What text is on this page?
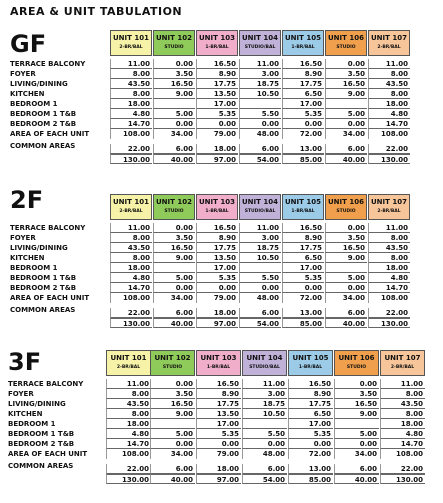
AREA & UNIT TABULATION
GF
TERRACE BALCONY
FOYER
LIVING/DINING
KITCHEN
BEDROOM 1
BEDROOM 1 T&B
BEDROOM 2 T&B
AREA OF EACH UNIT
COMMON AREAS
UNIT 101
2-BR/BAL
11.00
8.00
43.50
8.00
18.00
4.80
14.70
108.00
22.00
130.00
UNIT 102
STUDIO
0.00
3.50
16.50
9.00
5.00
0.00
34.00
6.00
40.00
UNIT 103
1-BR/BAL
16.50
8.90
17.75
13.50
17.00
5.35
0.00
79.00
18.00
97.00
UNIT 104
STUDIO/BAL
11.00
3.00
18.75
10.50
5.50
0.00
48.00
6.00
54.00
UNIT 105
1-BR/BAL
16.50
8.90
17.75
6.50
17.00
5.35
0.00
72.00
13.00
85.00
UNIT 106
STUDIO
0.00
3.50
16.50
9.00
5.00
0.00
34.00
6.00
40.00
UNIT 107
2-BR/BAL
11.00
8.00
43.50
8.00
18.00
4.80
14.70
108.00
22.00
130.00
2F
TERRACE BALCONY
FOYER
LIVING/DINING
KITCHEN
BEDROOM 1
BEDROOM 1 T&B
BEDROOM 2 T&B
AREA OF EACH UNIT
COMMON AREAS
UNIT 101
2-BR/BAL
11.00
8.00
43.50
8.00
18.00
4.80
14.70
108.00
22.00
130.00
UNIT 102
STUDIO
0.00
3.50
16.50
9.00
5.00
0.00
34.00
6.00
40.00
UNIT 103
1-BR/BAL
16.50
8.90
17.75
13.50
17.00
5.35
0.00
79.00
18.00
97.00
UNIT 104
STUDIO/BAL
11.00
3.00
18.75
10.50
5.50
0.00
48.00
6.00
54.00
UNIT 105
1-BR/BAL
16.50
8.90
17.75
6.50
17.00
5.35
0.00
72.00
13.00
85.00
UNIT 106
STUDIO
0.00
3.50
16.50
9.00
5.00
0.00
34.00
6.00
40.00
UNIT 107
2-BR/BAL
11.00
8.00
43.50
8.00
18.00
4.80
14.70
108.00
22.00
130.00
3F
TERRACE BALCONY
FOYER
LIVING/DINING
KITCHEN
BEDROOM 1
BEDROOM 1 T&B
BEDROOM 2 T&B
AREA OF EACH UNIT
COMMON AREAS
UNIT 101
2-BR/BAL
11.00
8.00
43.50
8.00
18.00
4.80
14.70
108.00
22.00
130.00
UNIT 102
STUDIO
0.00
3.50
16.50
9.00
5.00
0.00
34.00
6.00
40.00
UNIT 103
1-BR/BAL
16.50
8.90
17.75
13.50
17.00
5.35
0.00
79.00
18.00
97.00
UNIT 104
STUDIO/BAL
11.00
3.00
18.75
10.50
5.50
0.00
48.00
6.00
54.00
UNIT 105
1-BR/BAL
16.50
8.90
17.75
6.50
17.00
5.35
0.00
72.00
13.00
85.00
UNIT 106
STUDIO
0.00
3.50
16.50
9.00
5.00
0.00
34.00
6.00
40.00
UNIT 107
2-BR/BAL
11.00
8.00
43.50
8.00
18.00
4.80
14.70
108.00
22.00
130.00
